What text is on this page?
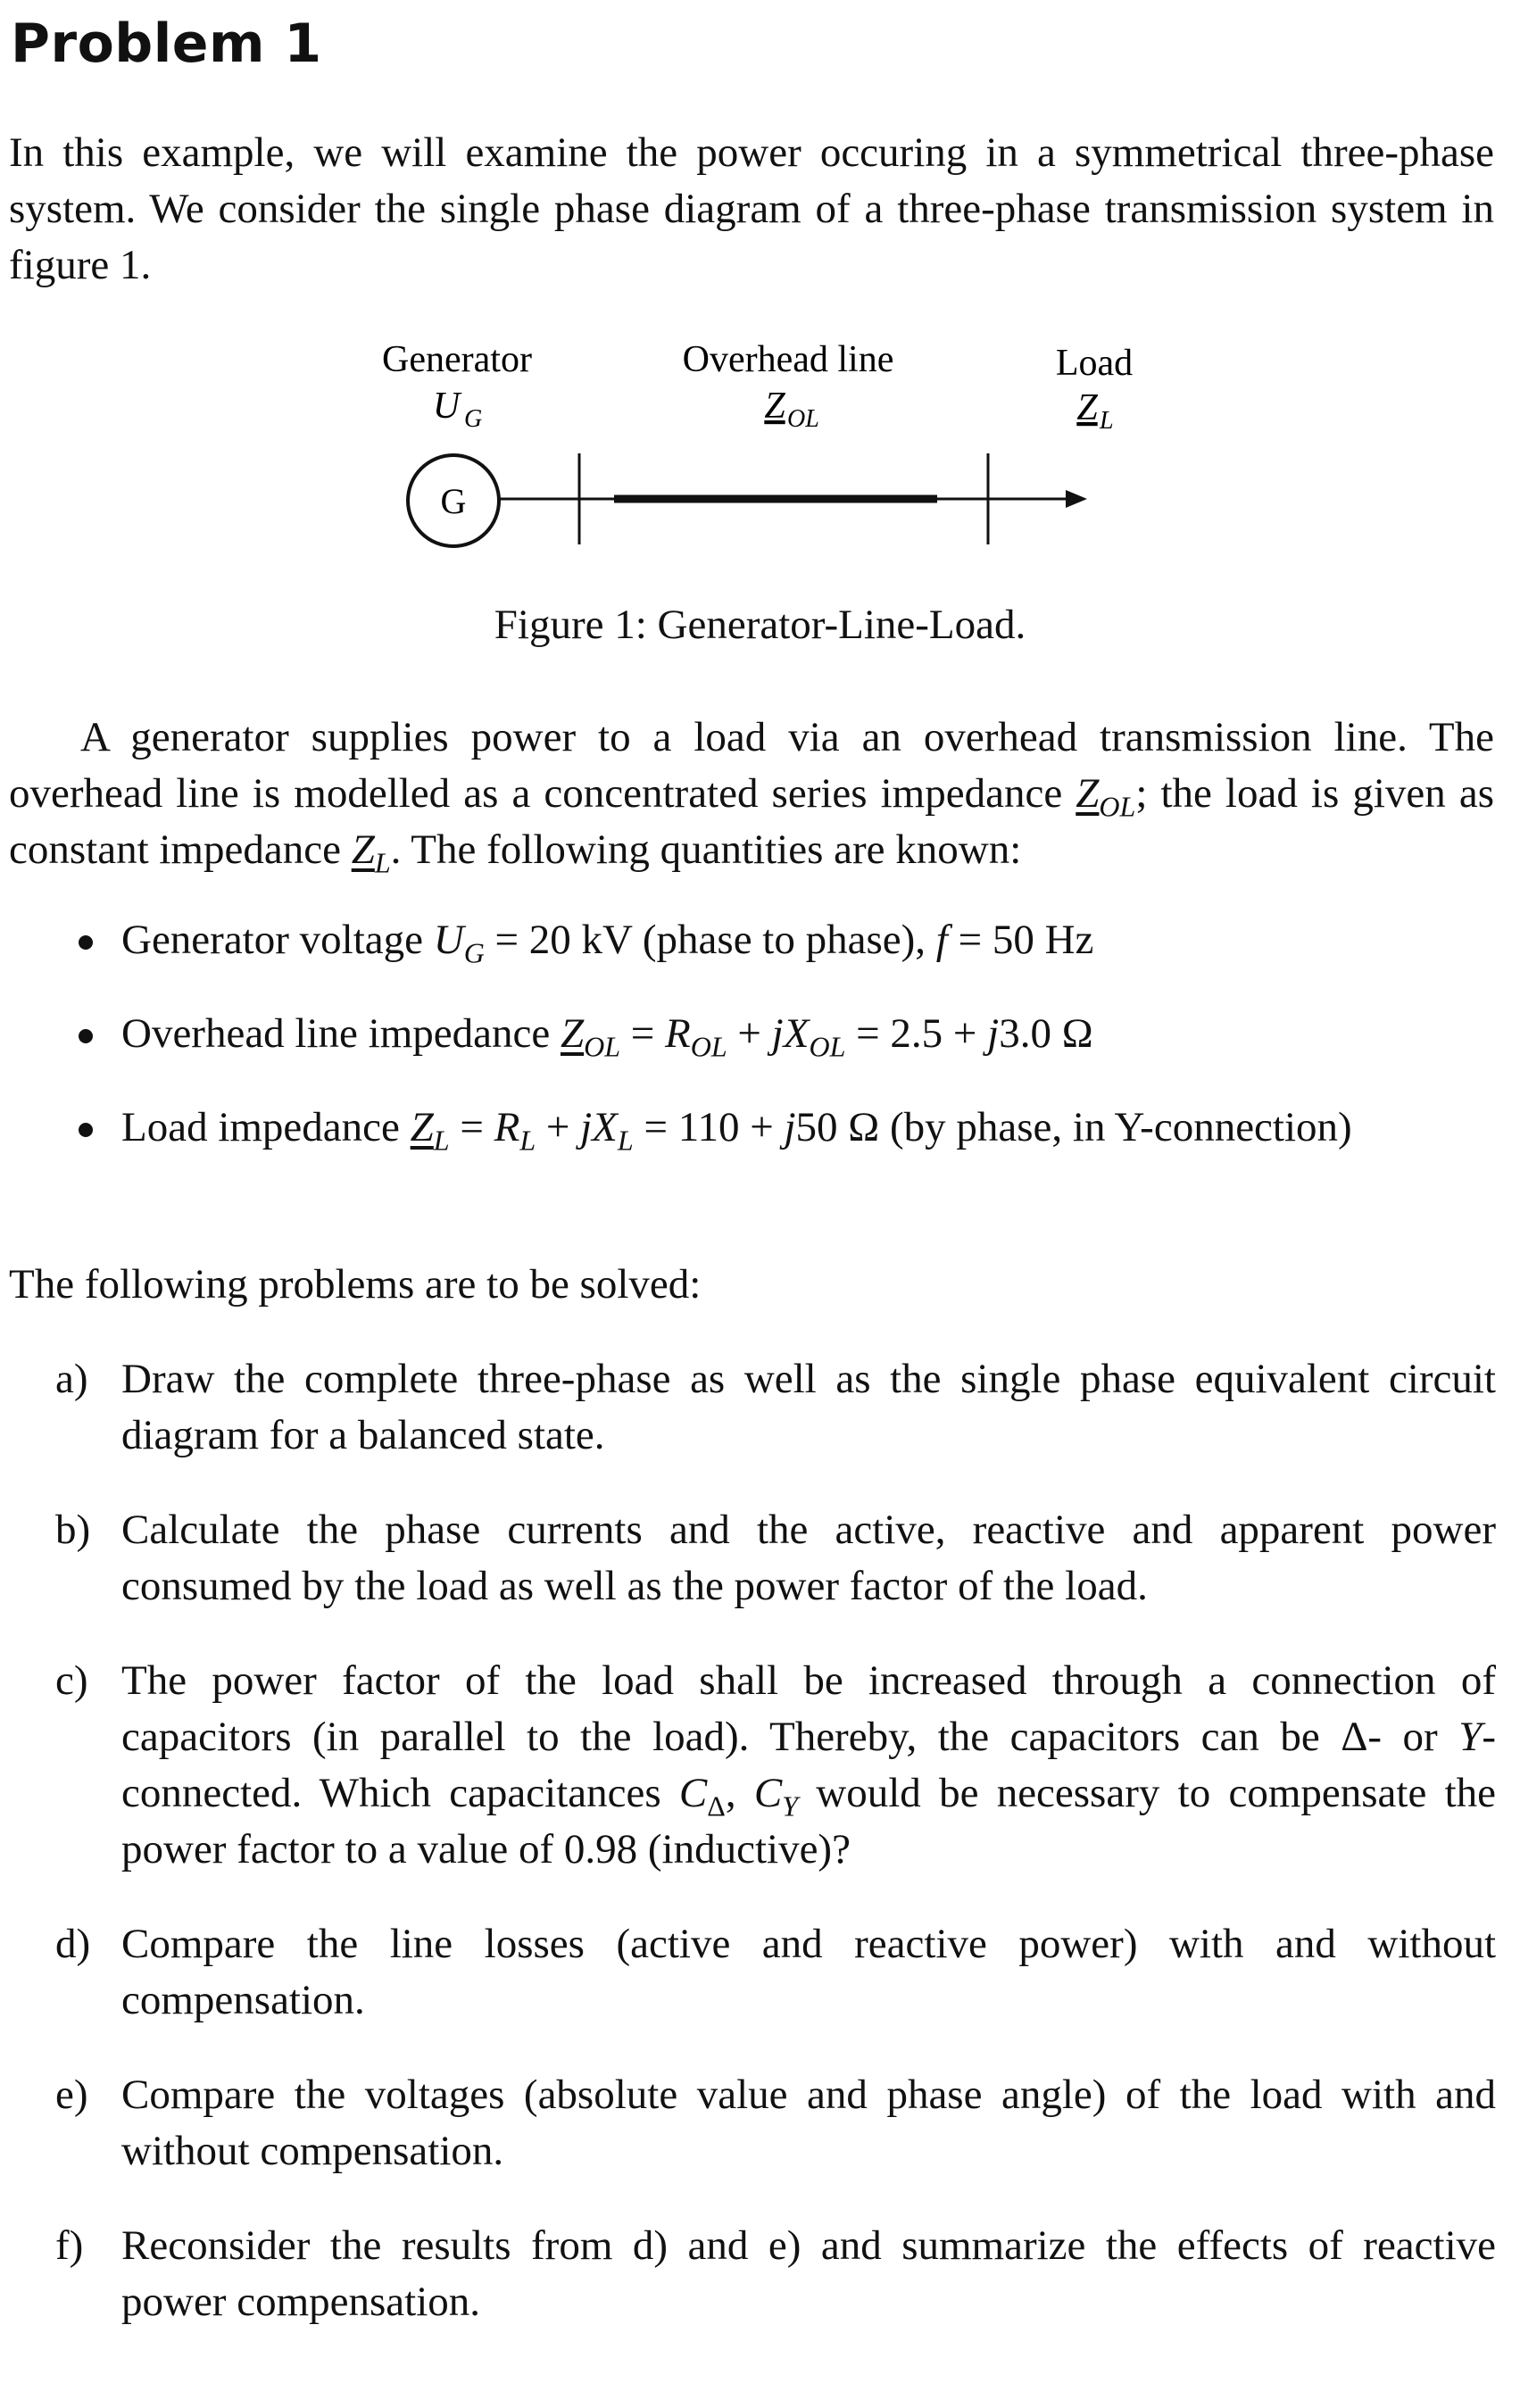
Problem 1

In this example, we will examine the power occuring in a symmetrical three-phase system. We consider the single phase diagram of a three-phase transmission system in figure 1.

Generator
U G
Overhead line
Z OL
Load
Z L
G

Figure 1: Generator-Line-Load.

A generator supplies power to a load via an overhead transmission line. The overhead line is modelled as a concentrated series impedance $Z_{OL}$; the load is given as constant impedance $Z_L$. The following quantities are known:

Generator voltage $U_G = 20$ kV (phase to phase), f = 50 Hz
Overhead line impedance $Z_{OL} = R_{OL} + jX_{OL} = 2.5 + j3.0$ Ω
Load impedance $Z_L = R_L + jX_L = 110 + j50$ Ω (by phase, in Y-connection)

The following problems are to be solved:

a) Draw the complete three-phase as well as the single phase equivalent circuit diagram for a balanced state.
b) Calculate the phase currents and the active, reactive and apparent power consumed by the load as well as the power factor of the load.
c) The power factor of the load shall be increased through a connection of capacitors (in parallel to the load). Thereby, the capacitors can be Δ- or Y-connected. Which capacitances $C_\Delta$, $C_Y$ would be necessary to compensate the power factor to a value of 0.98 (inductive)?
d) Compare the line losses (active and reactive power) with and without compensation.
e) Compare the voltages (absolute value and phase angle) of the load with and without compensation.
f) Reconsider the results from d) and e) and summarize the effects of reactive power compensation.
